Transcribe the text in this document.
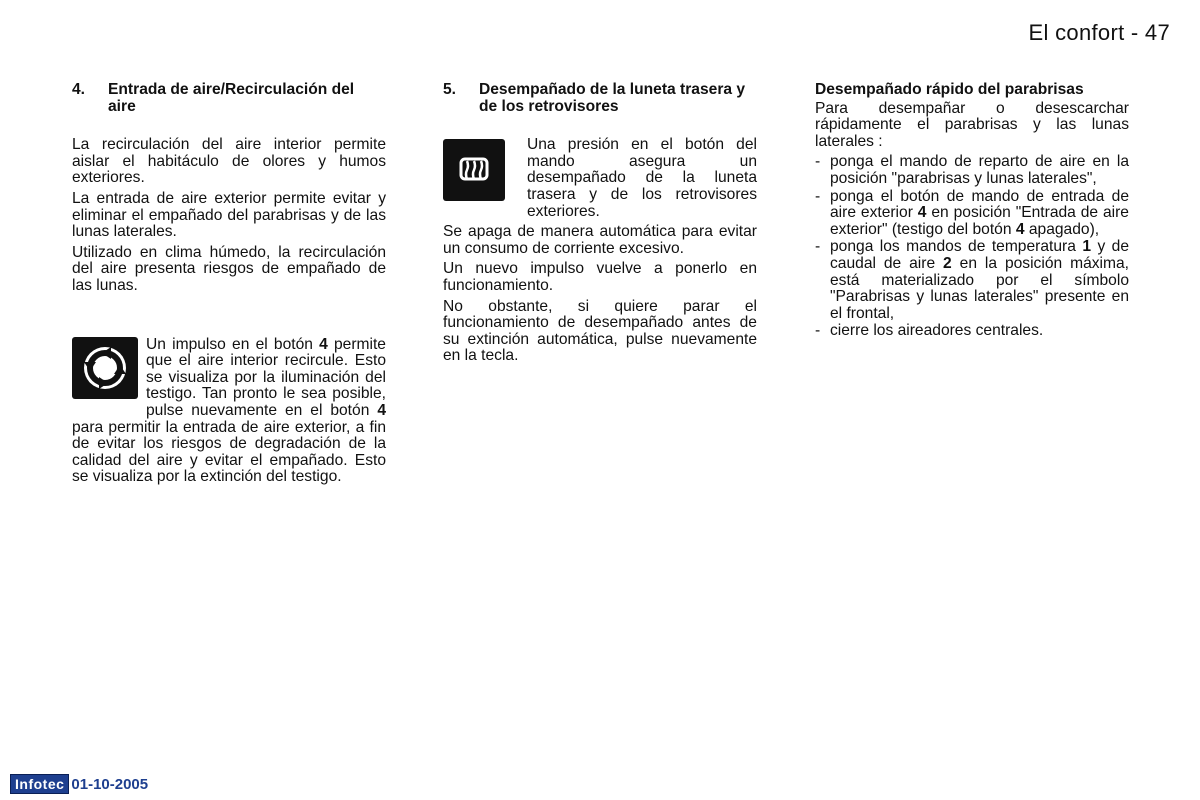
El confort - 47
4.	Entrada de aire/Recirculación del aire

La recirculación del aire interior permite aislar el habitáculo de olores y humos exteriores.

La entrada de aire exterior permite evitar y eliminar el empañado del parabrisas y de las lunas laterales.

Utilizado en clima húmedo, la recirculación del aire presenta riesgos de empañado de las lunas.

Un impulso en el botón 4 permite que el aire interior recircule. Esto se visualiza por la iluminación del testigo. Tan pronto le sea posible, pulse nuevamente en el botón 4 para permitir la entrada de aire exterior, a fin de evitar los riesgos de degradación de la calidad del aire y evitar el empañado. Esto se visualiza por la extinción del testigo.

5.	Desempañado de la luneta trasera y de los retrovisores

Una presión en el botón del mando asegura un desempañado de la luneta trasera y de los retrovisores exteriores.

Se apaga de manera automática para evitar un consumo de corriente excesivo.

Un nuevo impulso vuelve a ponerlo en funcionamiento.

No obstante, si quiere parar el funcionamiento de desempañado antes de su extinción automática, pulse nuevamente en la tecla.

Desempañado rápido del parabrisas

Para desempañar o desescarchar rápidamente el parabrisas y las lunas laterales :

- ponga el mando de reparto de aire en la posición "parabrisas y lunas laterales",
- ponga el botón de mando de entrada de aire exterior 4 en posición "Entrada de aire exterior" (testigo del botón 4 apagado),
- ponga los mandos de temperatura 1 y de caudal de aire 2 en la posición máxima, está materializado por el símbolo "Parabrisas y lunas laterales" presente en el frontal,
- cierre los aireadores centrales.
Infotec 01-10-2005
